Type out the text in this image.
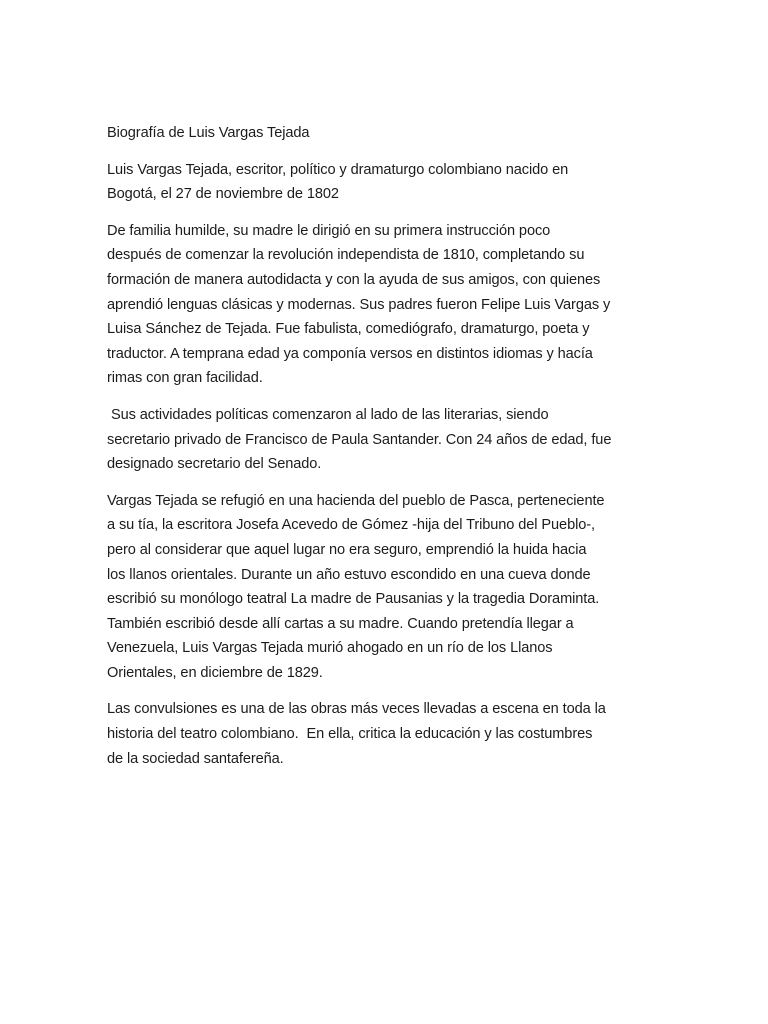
Biografía de Luis Vargas Tejada

Luis Vargas Tejada, escritor, político y dramaturgo colombiano nacido en
Bogotá, el 27 de noviembre de 1802

De familia humilde, su madre le dirigió en su primera instrucción poco
después de comenzar la revolución independista de 1810, completando su
formación de manera autodidacta y con la ayuda de sus amigos, con quienes
aprendió lenguas clásicas y modernas. Sus padres fueron Felipe Luis Vargas y
Luisa Sánchez de Tejada. Fue fabulista, comediógrafo, dramaturgo, poeta y
traductor. A temprana edad ya componía versos en distintos idiomas y hacía
rimas con gran facilidad.

Sus actividades políticas comenzaron al lado de las literarias, siendo
secretario privado de Francisco de Paula Santander. Con 24 años de edad, fue
designado secretario del Senado.

Vargas Tejada se refugió en una hacienda del pueblo de Pasca, perteneciente
a su tía, la escritora Josefa Acevedo de Gómez -hija del Tribuno del Pueblo-,
pero al considerar que aquel lugar no era seguro, emprendió la huida hacia
los llanos orientales. Durante un año estuvo escondido en una cueva donde
escribió su monólogo teatral La madre de Pausanias y la tragedia Doraminta.
También escribió desde allí cartas a su madre. Cuando pretendía llegar a
Venezuela, Luis Vargas Tejada murió ahogado en un río de los Llanos
Orientales, en diciembre de 1829.

Las convulsiones es una de las obras más veces llevadas a escena en toda la
historia del teatro colombiano.  En ella, critica la educación y las costumbres
de la sociedad santafereña.
